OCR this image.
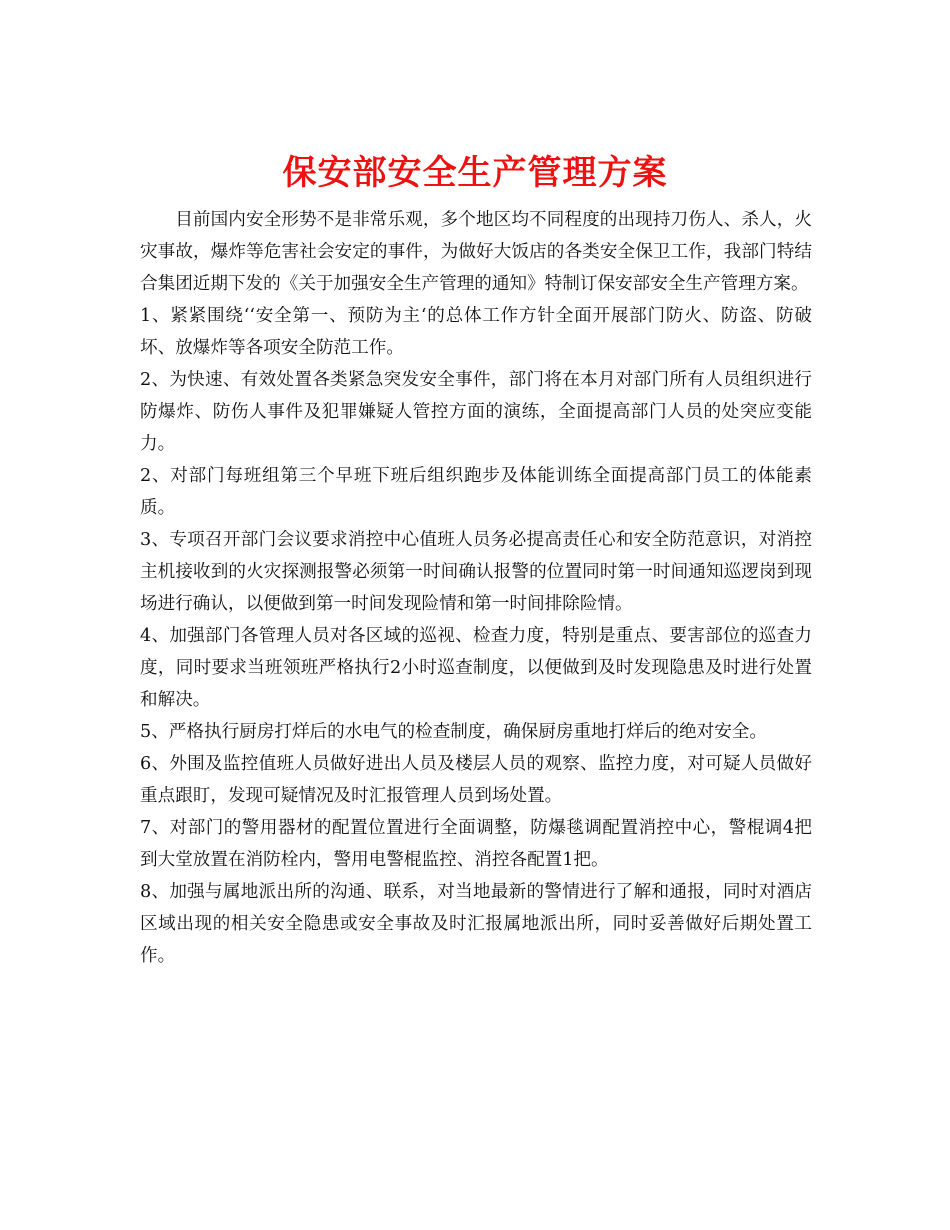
保安部安全生产管理方案

目前国内安全形势不是非常乐观，多个地区均不同程度的出现持刀伤人、杀人，火灾事故，爆炸等危害社会安定的事件，为做好大饭店的各类安全保卫工作，我部门特结合集团近期下发的《关于加强安全生产管理的通知》特制订保安部安全生产管理方案。

1、紧紧围绕‘‘安全第一、预防为主‘的总体工作方针全面开展部门防火、防盗、防破坏、放爆炸等各项安全防范工作。

2、为快速、有效处置各类紧急突发安全事件，部门将在本月对部门所有人员组织进行防爆炸、防伤人事件及犯罪嫌疑人管控方面的演练，全面提高部门人员的处突应变能力。

2、对部门每班组第三个早班下班后组织跑步及体能训练全面提高部门员工的体能素质。

3、专项召开部门会议要求消控中心值班人员务必提高责任心和安全防范意识，对消控主机接收到的火灾探测报警必须第一时间确认报警的位置同时第一时间通知巡逻岗到现场进行确认，以便做到第一时间发现险情和第一时间排除险情。

4、加强部门各管理人员对各区域的巡视、检查力度，特别是重点、要害部位的巡查力度，同时要求当班领班严格执行2小时巡查制度，以便做到及时发现隐患及时进行处置和解决。

5、严格执行厨房打烊后的水电气的检查制度，确保厨房重地打烊后的绝对安全。

6、外围及监控值班人员做好进出人员及楼层人员的观察、监控力度，对可疑人员做好重点跟盯，发现可疑情况及时汇报管理人员到场处置。

7、对部门的警用器材的配置位置进行全面调整，防爆毯调配置消控中心，警棍调4把到大堂放置在消防栓内，警用电警棍监控、消控各配置1把。

8、加强与属地派出所的沟通、联系，对当地最新的警情进行了解和通报，同时对酒店区域出现的相关安全隐患或安全事故及时汇报属地派出所，同时妥善做好后期处置工作。
